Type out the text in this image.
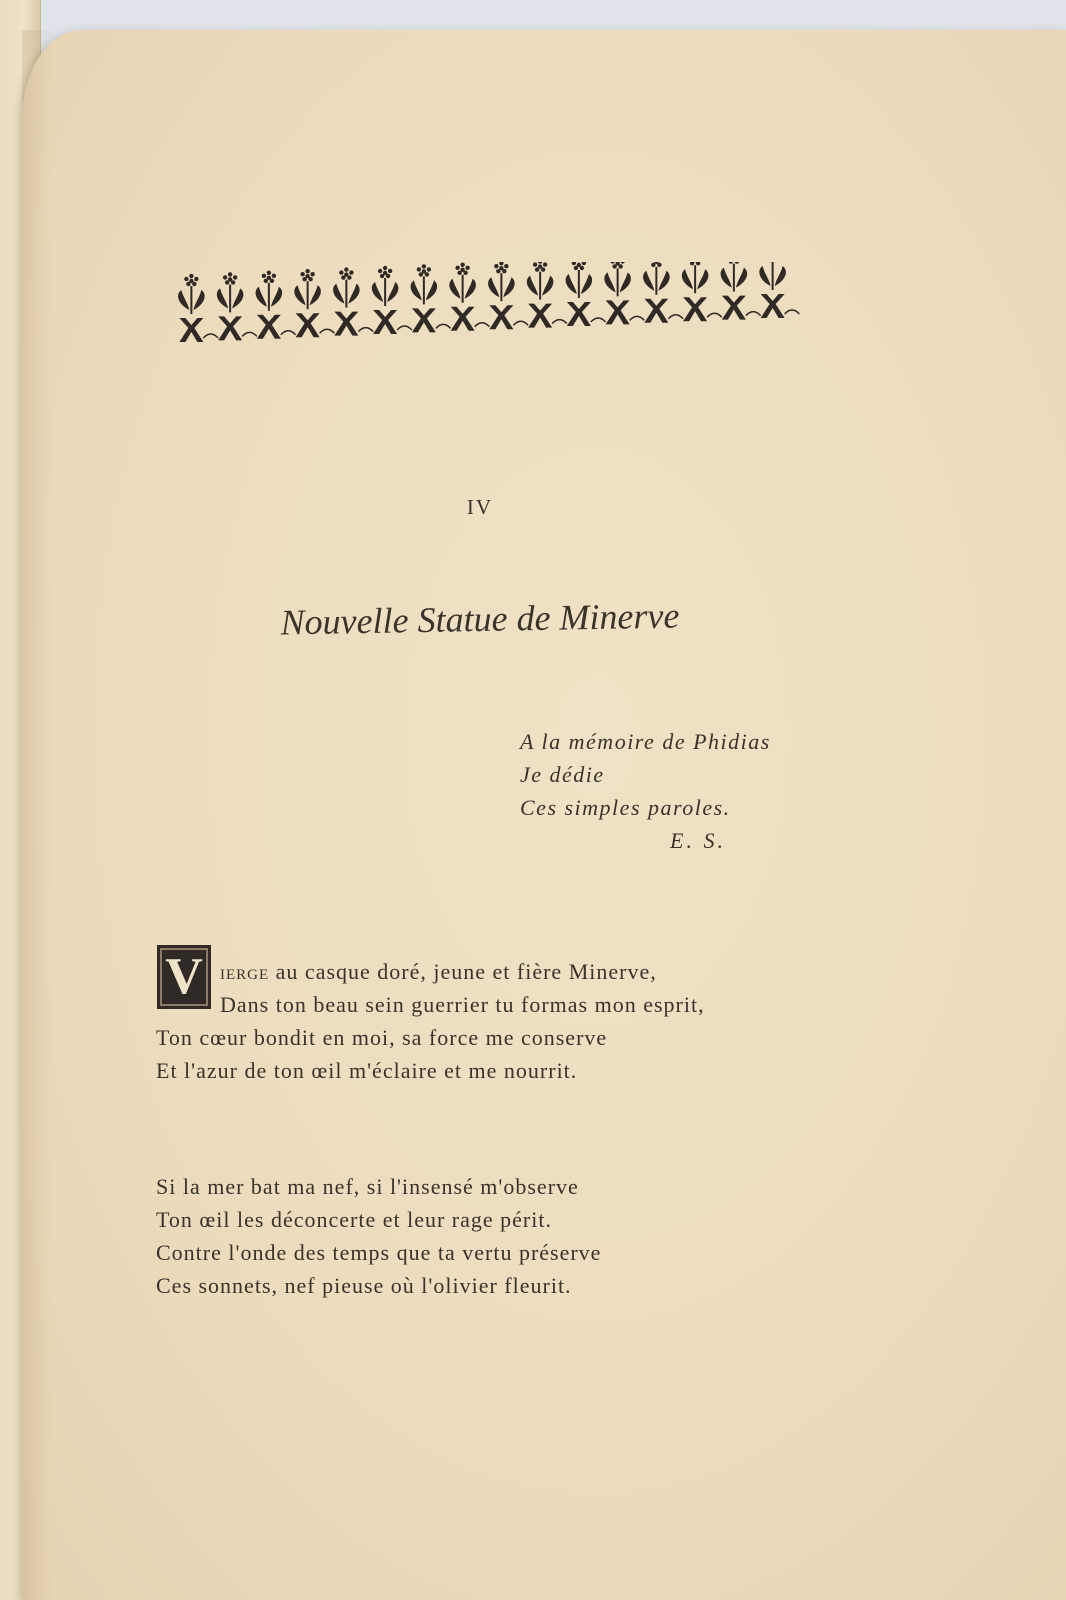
IV
Nouvelle Statue de Minerve
A la mémoire de Phidias
Je dédie
Ces simples paroles.
E. S.
V ierge au casque doré, jeune et fière Minerve,
Dans ton beau sein guerrier tu formas mon esprit,
Ton cœur bondit en moi, sa force me conserve
Et l'azur de ton œil m'éclaire et me nourrit.
Si la mer bat ma nef, si l'insensé m'observe
Ton œil les déconcerte et leur rage périt.
Contre l'onde des temps que ta vertu préserve
Ces sonnets, nef pieuse où l'olivier fleurit.
